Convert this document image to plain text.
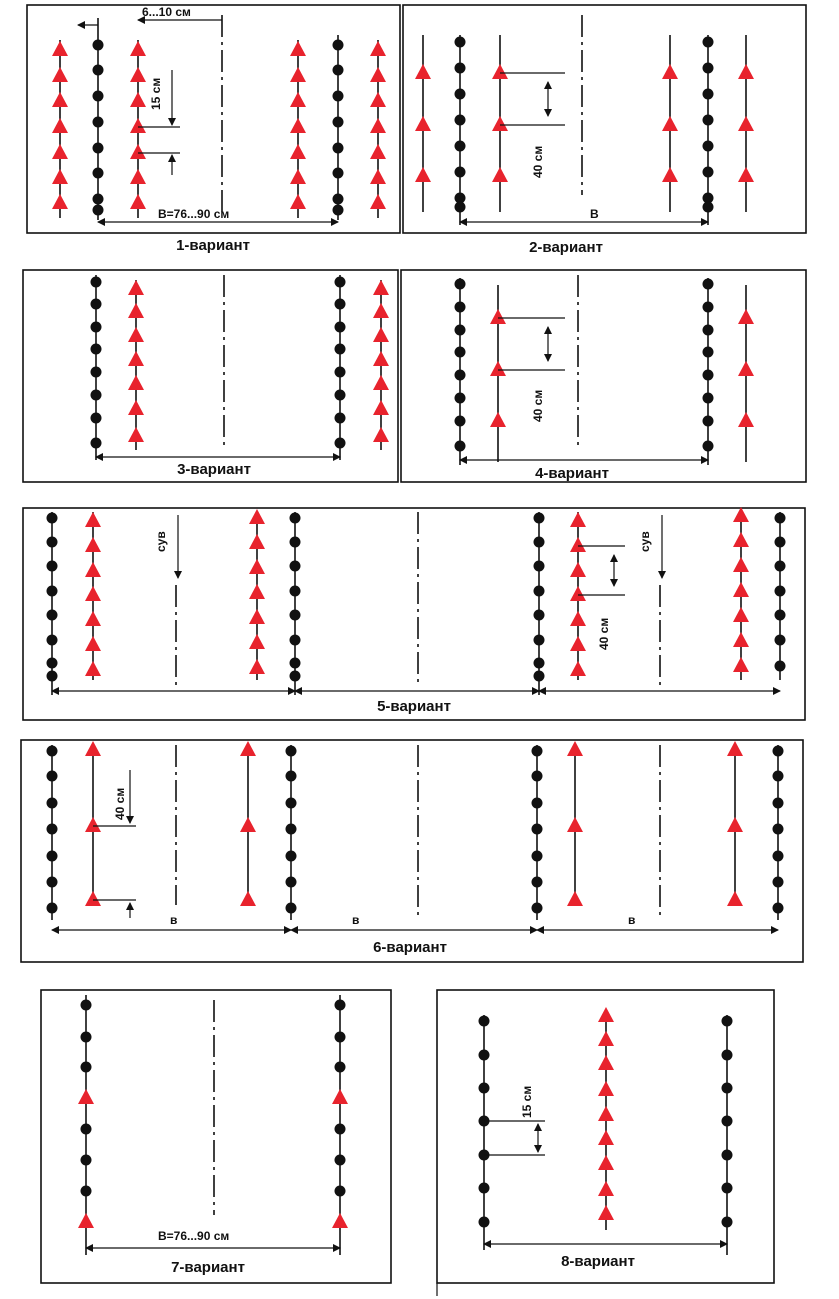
6...10 см
15 см
B=76...90 см
1-вариант
40 см
B
2-вариант
3-вариант
40 см
4-вариант
сув	сув
40 см
5-вариант
40 см
в	в	в
6-вариант
B=76...90 см
7-вариант
15 см
8-вариант
